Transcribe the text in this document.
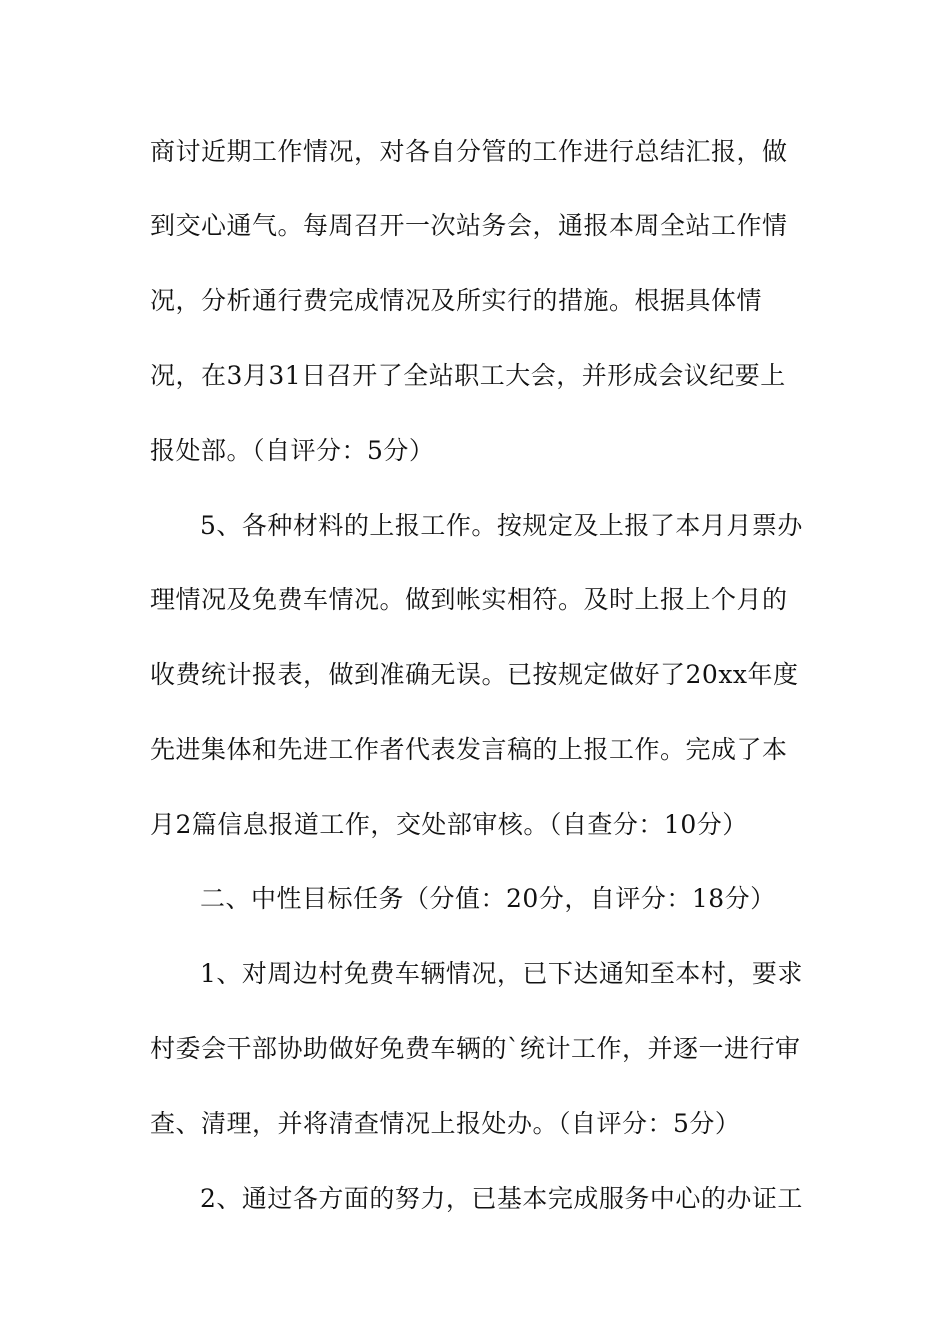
商讨近期工作情况，对各自分管的工作进行总结汇报，做
到交心通气。每周召开一次站务会，通报本周全站工作情
况，分析通行费完成情况及所实行的措施。根据具体情
况，在3月31日召开了全站职工大会，并形成会议纪要上
报处部。（自评分：5分）
5、各种材料的上报工作。按规定及上报了本月月票办
理情况及免费车情况。做到帐实相符。及时上报上个月的
收费统计报表，做到准确无误。已按规定做好了20xx年度
先进集体和先进工作者代表发言稿的上报工作。完成了本
月2篇信息报道工作，交处部审核。（自查分：10分）
二、中性目标任务（分值：20分，自评分：18分）
1、对周边村免费车辆情况，已下达通知至本村，要求
村委会干部协助做好免费车辆的`统计工作，并逐一进行审
查、清理，并将清查情况上报处办。（自评分：5分）
2、通过各方面的努力，已基本完成服务中心的办证工
